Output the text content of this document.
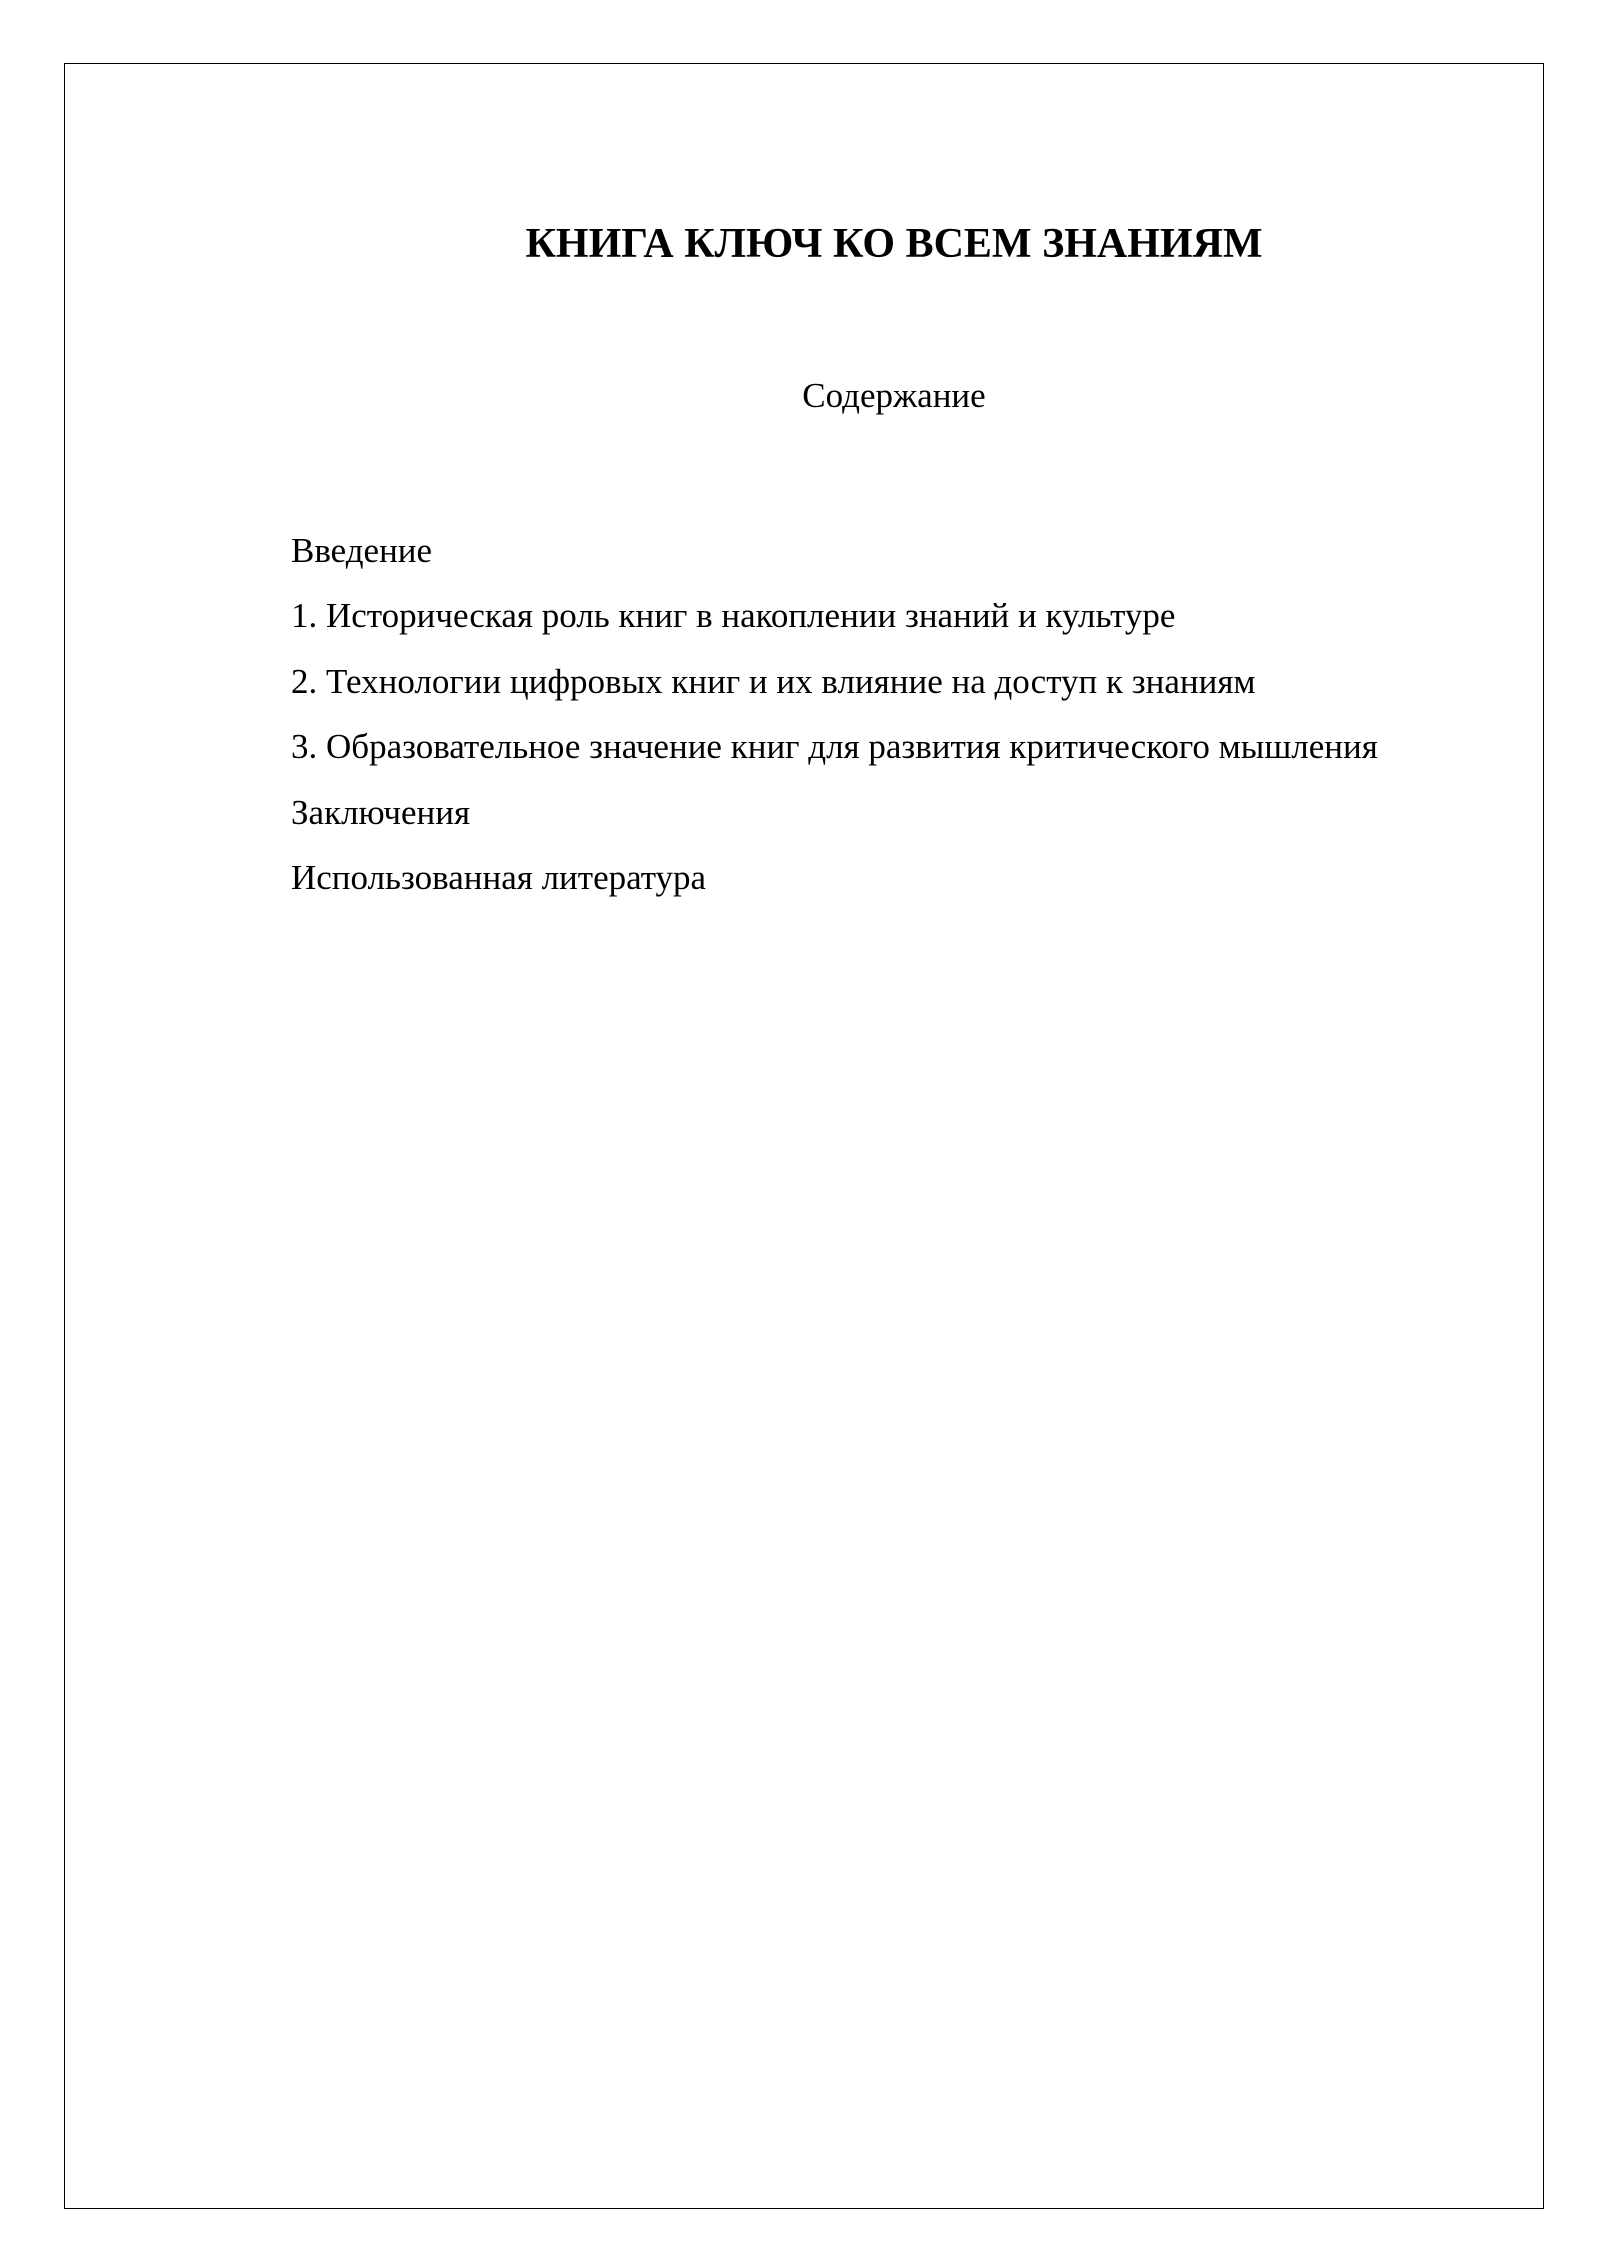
КНИГА КЛЮЧ КО ВСЕМ ЗНАНИЯМ
Содержание
Введение
1. Историческая роль книг в накоплении знаний и культуре
2. Технологии цифровых книг и их влияние на доступ к знаниям
3. Образовательное значение книг для развития критического мышления
Заключения
Использованная литература
